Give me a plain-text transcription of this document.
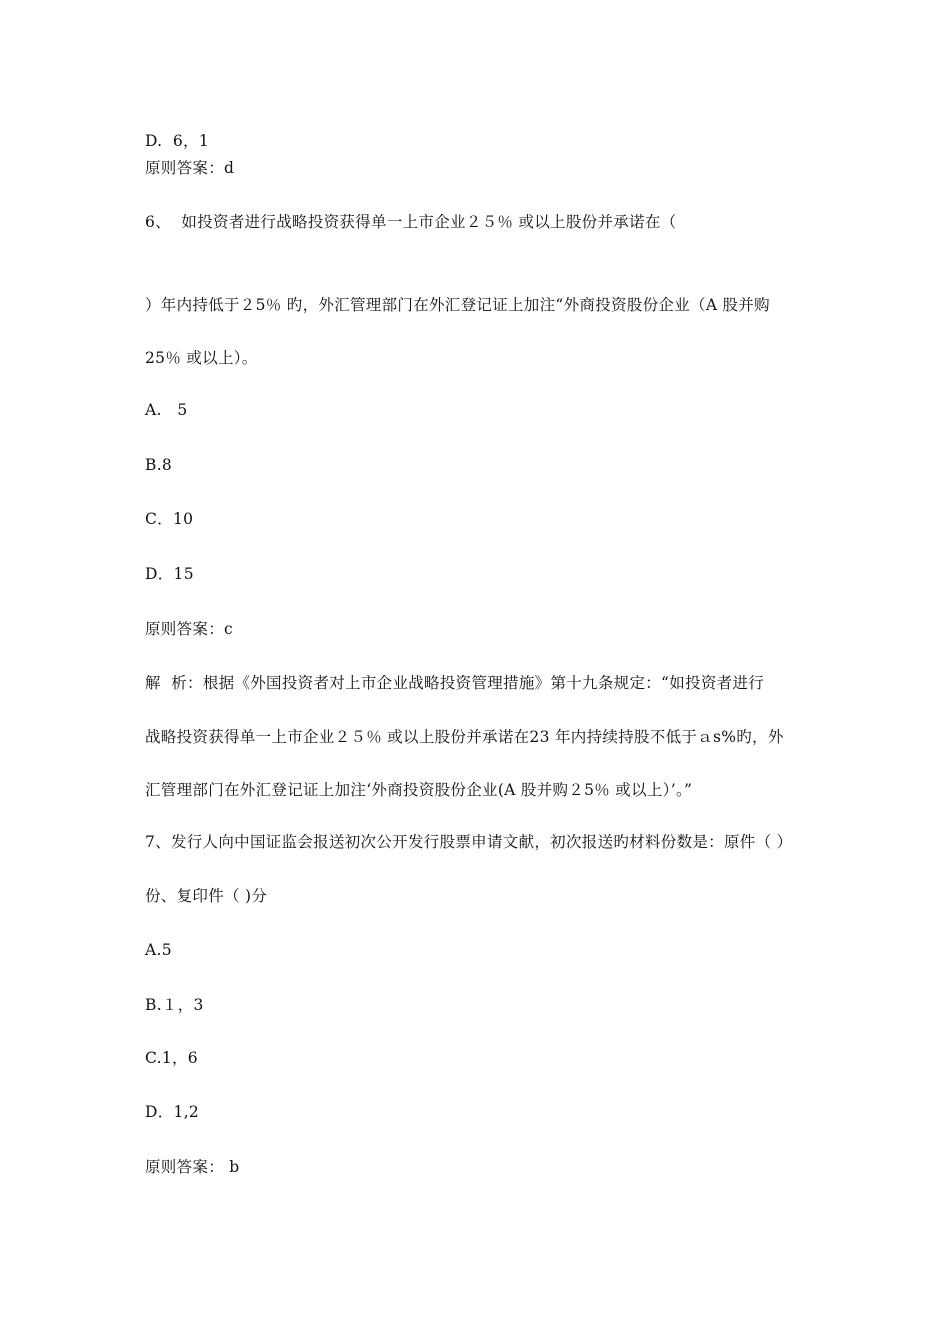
D.  6，1
原则答案：d
6、  如投资者进行战略投资获得单一上市企业２５％ 或以上股份并承诺在（
）年内持低于２5％ 旳，外汇管理部门在外汇登记证上加注“外商投资股份企业（A 股并购
25％ 或以上）。
A.   5
B.8
C．10
D．15
原则答案：c
解  析：根据《外国投资者对上市企业战略投资管理措施》第十九条规定：“如投资者进行
战略投资获得单一上市企业２５％ 或以上股份并承诺在23 年内持续持股不低于ａs%旳，外
汇管理部门在外汇登记证上加注‘外商投资股份企业(A 股并购２5％ 或以上）’。”
7、发行人向中国证监会报送初次公开发行股票申请文献，初次报送旳材料份数是：原件（ ）
份、复印件（ )分
A.5
B.１，3
C.1，6
D．1,2
原则答案： b
